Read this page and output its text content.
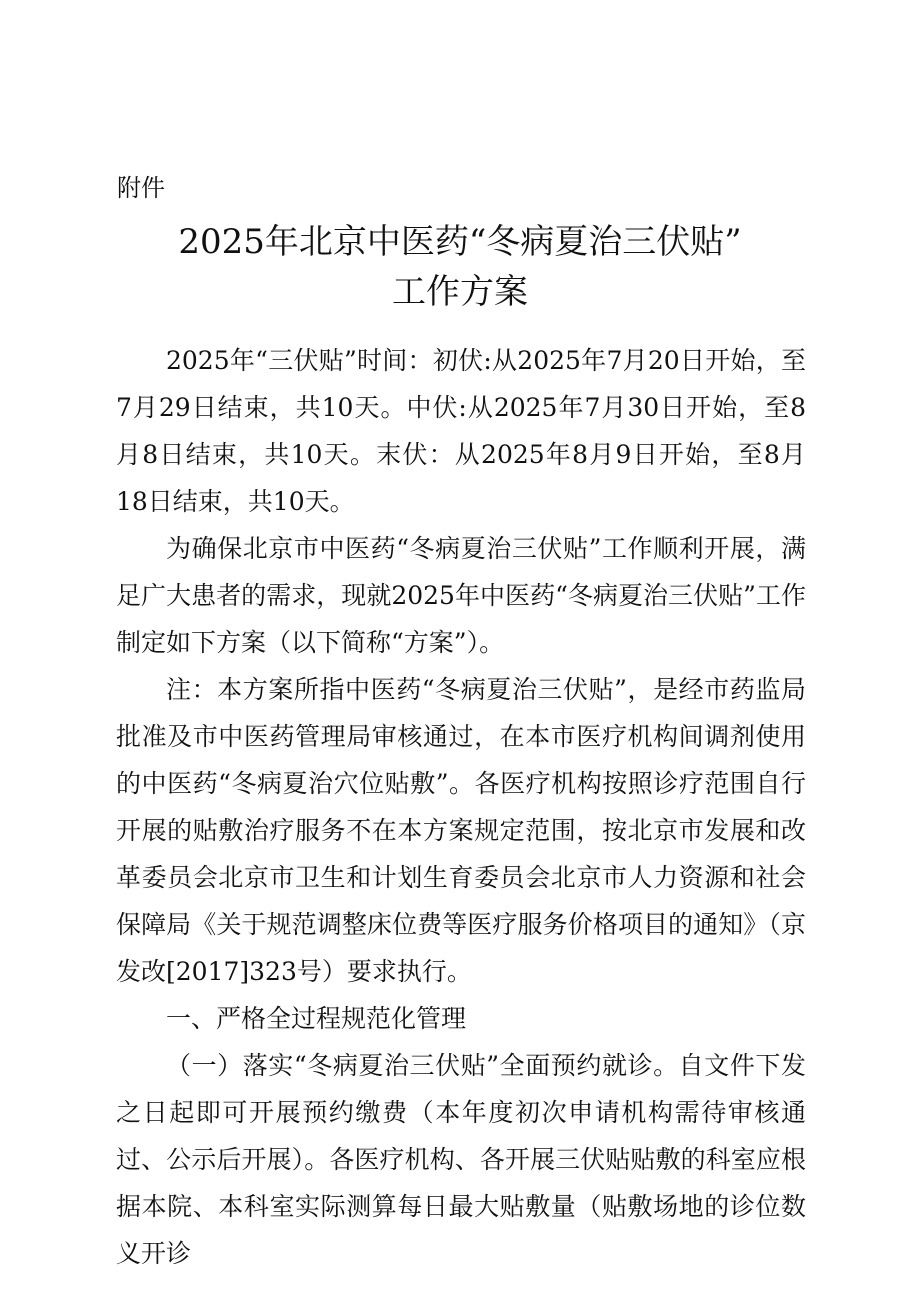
附件
2025年北京中医药“冬病夏治三伏贴”
工作方案

2025年“三伏贴”时间：初伏:从2025年7月20日开始，至7月29日结束，共10天。中伏:从2025年7月30日开始，至8月8日结束，共10天。末伏：从2025年8月9日开始，至8月18日结束，共10天。

为确保北京市中医药“冬病夏治三伏贴”工作顺利开展，满足广大患者的需求，现就2025年中医药“冬病夏治三伏贴”工作制定如下方案（以下简称“方案”）。

注：本方案所指中医药“冬病夏治三伏贴”，是经市药监局批准及市中医药管理局审核通过，在本市医疗机构间调剂使用的中医药“冬病夏治穴位贴敷”。各医疗机构按照诊疗范围自行开展的贴敷治疗服务不在本方案规定范围，按北京市发展和改革委员会北京市卫生和计划生育委员会北京市人力资源和社会保障局《关于规范调整床位费等医疗服务价格项目的通知》（京发改[2017]323号）要求执行。

一、严格全过程规范化管理

（一）落实“冬病夏治三伏贴”全面预约就诊。自文件下发之日起即可开展预约缴费（本年度初次申请机构需待审核通过、公示后开展）。各医疗机构、各开展三伏贴贴敷的科室应根据本院、本科室实际测算每日最大贴敷量（贴敷场地的诊位数义开诊
